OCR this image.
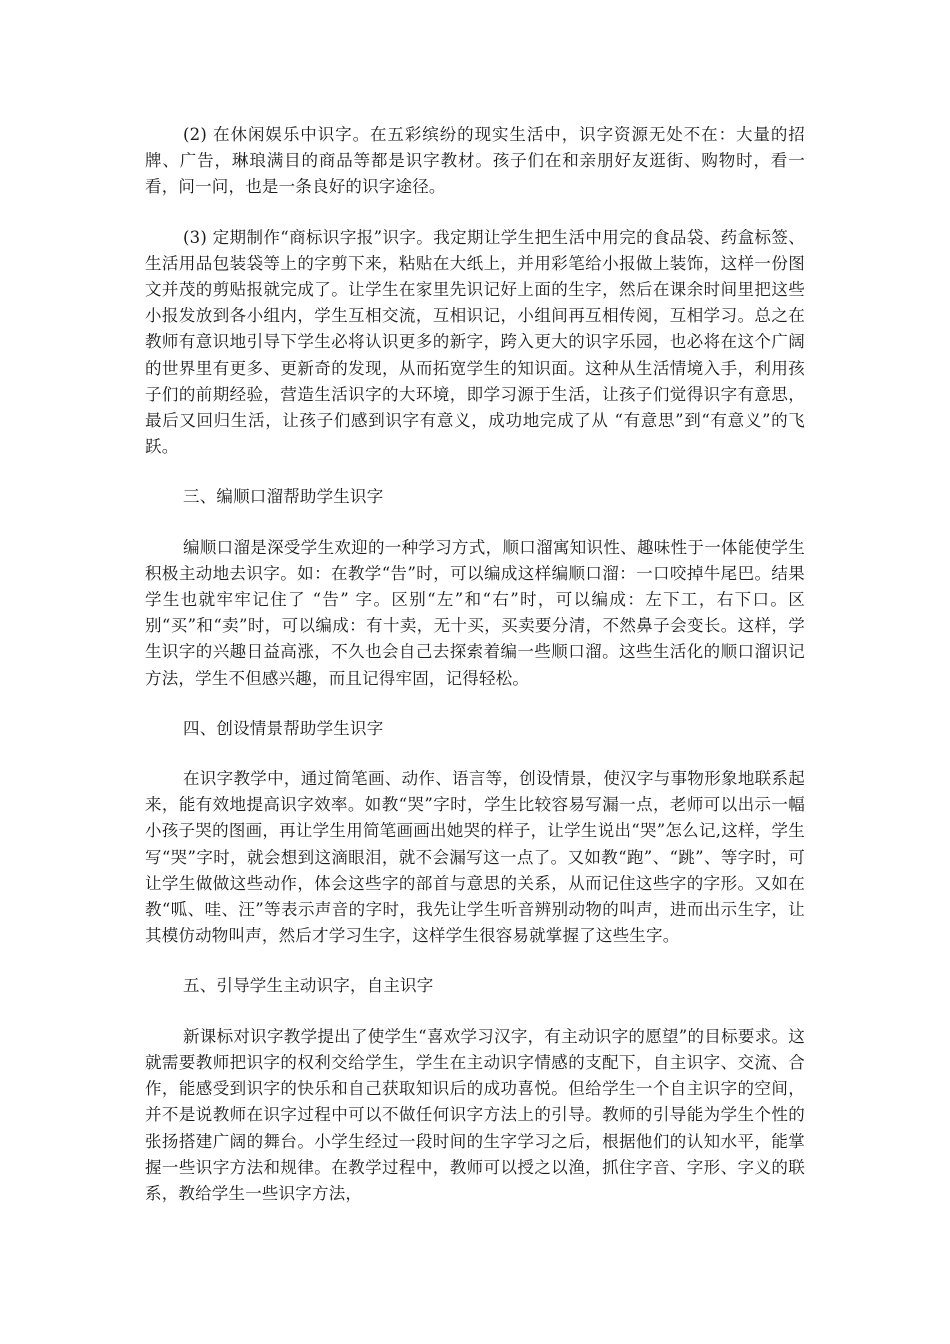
(2) 在休闲娱乐中识字。在五彩缤纷的现实生活中，识字资源无处不在：大量的招牌、广告，琳琅满目的商品等都是识字教材。孩子们在和亲朋好友逛街、购物时，看一看，问一问，也是一条良好的识字途径。

(3) 定期制作“商标识字报”识字。我定期让学生把生活中用完的食品袋、药盒标签、生活用品包装袋等上的字剪下来，粘贴在大纸上，并用彩笔给小报做上装饰，这样一份图文并茂的剪贴报就完成了。让学生在家里先识记好上面的生字，然后在课余时间里把这些小报发放到各小组内，学生互相交流，互相识记，小组间再互相传阅，互相学习。总之在教师有意识地引导下学生必将认识更多的新字，跨入更大的识字乐园，也必将在这个广阔的世界里有更多、更新奇的发现，从而拓宽学生的知识面。这种从生活情境入手，利用孩子们的前期经验，营造生活识字的大环境，即学习源于生活，让孩子们觉得识字有意思，最后又回归生活，让孩子们感到识字有意义，成功地完成了从 “有意思”到“有意义”的飞跃。

三、编顺口溜帮助学生识字

编顺口溜是深受学生欢迎的一种学习方式，顺口溜寓知识性、趣味性于一体能使学生积极主动地去识字。如：在教学“告”时，可以编成这样编顺口溜：一口咬掉牛尾巴。结果学生也就牢牢记住了 “告” 字。区别“左”和“右”时，可以编成：左下工，右下口。区别“买”和“卖”时，可以编成：有十卖，无十买，买卖要分清，不然鼻子会变长。这样，学生识字的兴趣日益高涨，不久也会自己去探索着编一些顺口溜。这些生活化的顺口溜识记方法，学生不但感兴趣，而且记得牢固，记得轻松。

四、创设情景帮助学生识字

在识字教学中，通过简笔画、动作、语言等，创设情景，使汉字与事物形象地联系起来，能有效地提高识字效率。如教“哭”字时，学生比较容易写漏一点，老师可以出示一幅小孩子哭的图画，再让学生用简笔画画出她哭的样子，让学生说出“哭”怎么记,这样，学生写“哭”字时，就会想到这滴眼泪，就不会漏写这一点了。又如教“跑”、“跳”、等字时，可让学生做做这些动作，体会这些字的部首与意思的关系，从而记住这些字的字形。又如在教“呱、哇、汪”等表示声音的字时，我先让学生听音辨别动物的叫声，进而出示生字，让其模仿动物叫声，然后才学习生字，这样学生很容易就掌握了这些生字。

五、引导学生主动识字，自主识字

新课标对识字教学提出了使学生“喜欢学习汉字，有主动识字的愿望”的目标要求。这就需要教师把识字的权利交给学生，学生在主动识字情感的支配下，自主识字、交流、合作，能感受到识字的快乐和自己获取知识后的成功喜悦。但给学生一个自主识字的空间，并不是说教师在识字过程中可以不做任何识字方法上的引导。教师的引导能为学生个性的张扬搭建广阔的舞台。小学生经过一段时间的生字学习之后，根据他们的认知水平，能掌握一些识字方法和规律。在教学过程中，教师可以授之以渔，抓住字音、字形、字义的联系，教给学生一些识字方法，
